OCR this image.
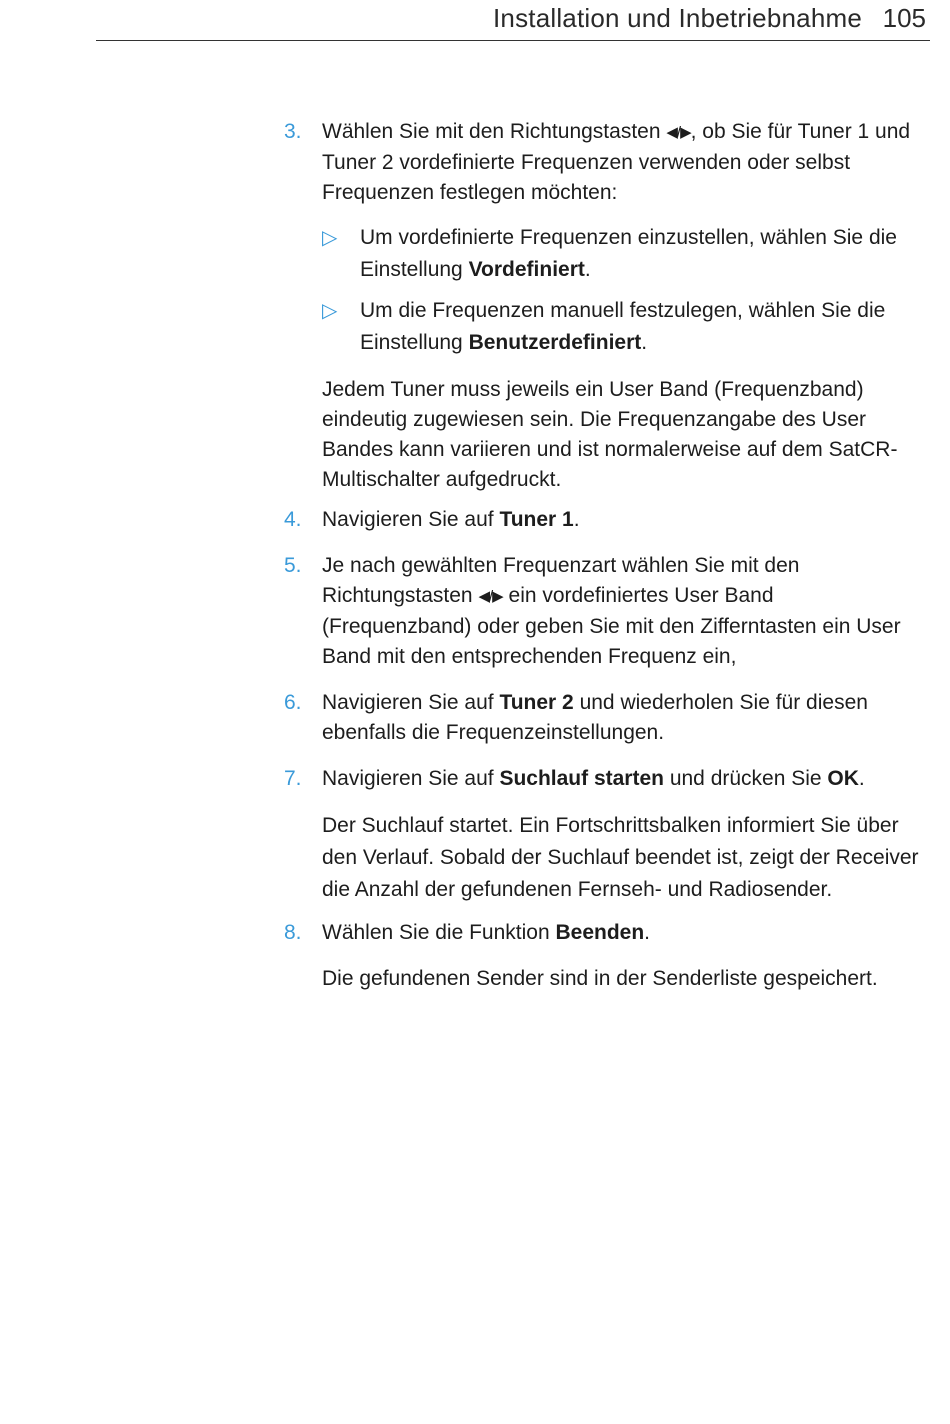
Installation und Inbetriebnahme 105
3. Wählen Sie mit den Richtungstasten ◀/▶, ob Sie für Tuner 1 und Tuner 2 vordefinierte Frequenzen verwenden oder selbst Frequenzen festlegen möchten:

▷ Um vordefinierte Frequenzen einzustellen, wählen Sie die Einstellung Vordefiniert.
▷ Um die Frequenzen manuell festzulegen, wählen Sie die Einstellung Benutzerdefiniert.

Jedem Tuner muss jeweils ein User Band (Frequenzband) eindeutig zugewiesen sein. Die Frequenzangabe des User Bandes kann variieren und ist normalerweise auf dem SatCR-Multischalter aufgedruckt.

4. Navigieren Sie auf Tuner 1.

5. Je nach gewählten Frequenzart wählen Sie mit den Richtungstasten ◀/▶ ein vordefiniertes User Band (Frequenzband) oder geben Sie mit den Zifferntasten ein User Band mit den entsprechenden Frequenz ein,

6. Navigieren Sie auf Tuner 2 und wiederholen Sie für diesen ebenfalls die Frequenzeinstellungen.

7. Navigieren Sie auf Suchlauf starten und drücken Sie OK.

Der Suchlauf startet. Ein Fortschrittsbalken informiert Sie über den Verlauf. Sobald der Suchlauf beendet ist, zeigt der Receiver die Anzahl der gefundenen Fernseh- und Radiosender.

8. Wählen Sie die Funktion Beenden.

Die gefundenen Sender sind in der Senderliste gespeichert.
